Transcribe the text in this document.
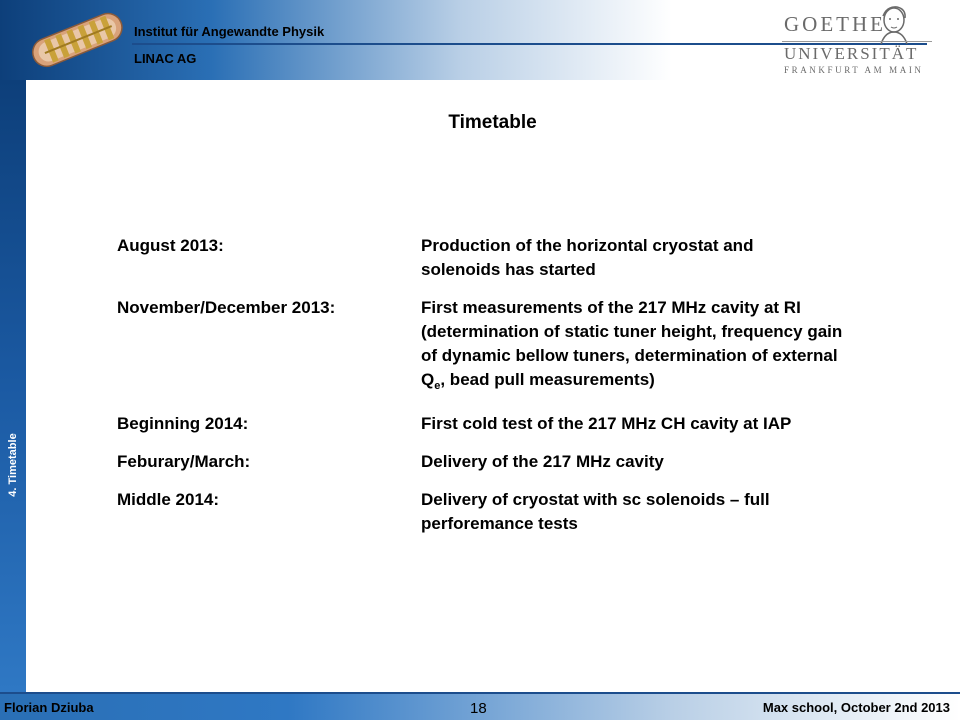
Institut für Angewandte Physik
LINAC AG
GOETHE
UNIVERSITÄT
FRANKFURT AM MAIN
4. Timetable
Timetable
August 2013:	Production of the horizontal cryostat and
solenoids has started
November/December 2013:	First measurements of the 217 MHz cavity at RI
(determination of static tuner height, frequency gain
of dynamic bellow tuners, determination of external
$Q_e$, bead pull measurements)
Beginning 2014:	First cold test of the 217 MHz CH cavity at IAP
Feburary/March:	Delivery of the 217 MHz cavity
Middle 2014:	Delivery of cryostat with sc solenoids – full
perforemance tests
Florian Dziuba	18	Max school, October 2nd 2013
